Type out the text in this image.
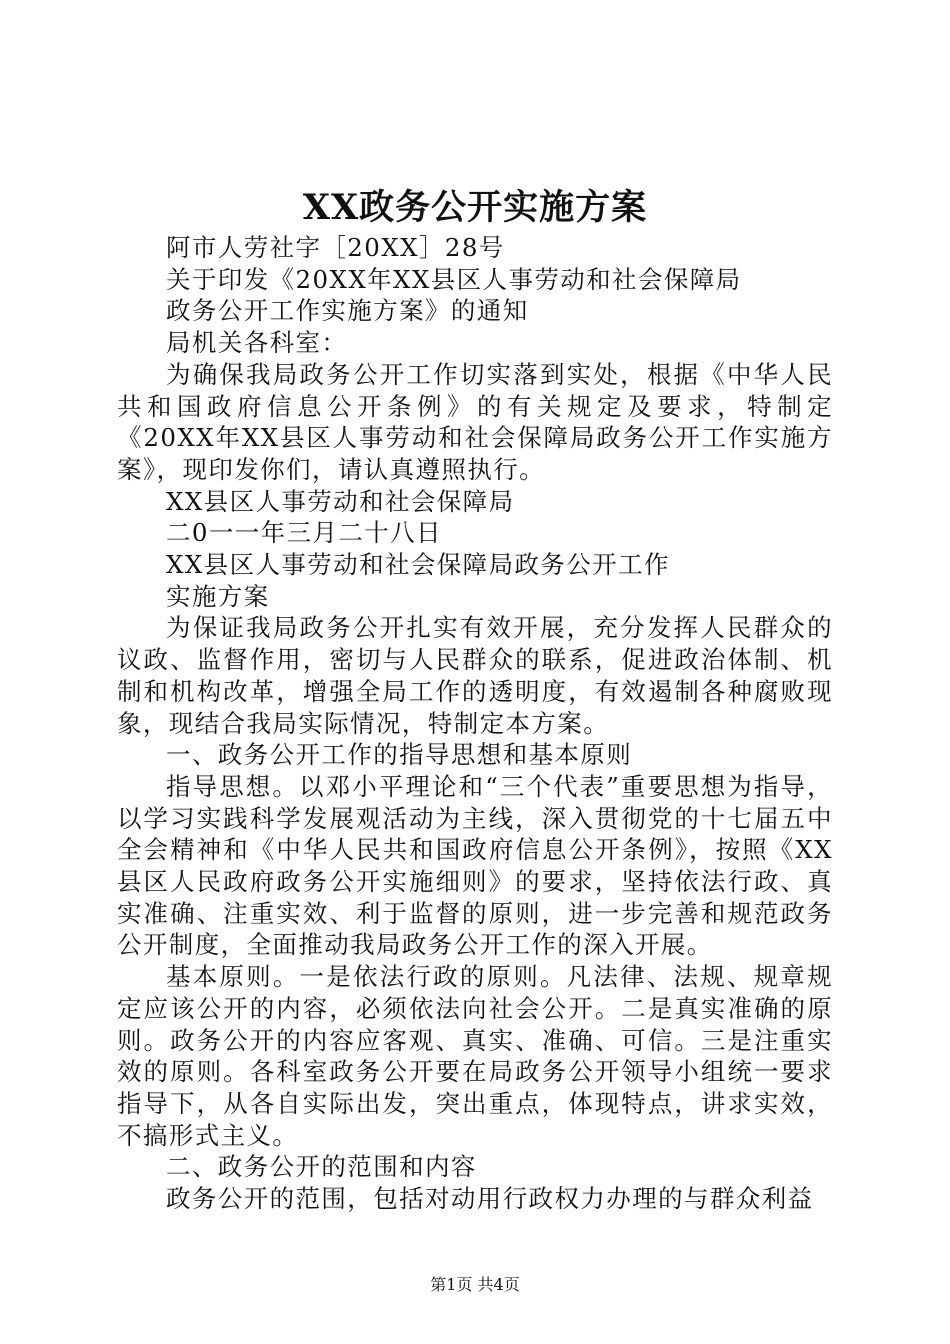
XX政务公开实施方案

阿市人劳社字［20XX］28号

关于印发《20XX年XX县区人事劳动和社会保障局

政务公开工作实施方案》的通知

局机关各科室：

为确保我局政务公开工作切实落到实处，根据《中华人民共和国政府信息公开条例》的有关规定及要求，特制定《20XX年XX县区人事劳动和社会保障局政务公开工作实施方案》，现印发你们，请认真遵照执行。

XX县区人事劳动和社会保障局

二0一一年三月二十八日

XX县区人事劳动和社会保障局政务公开工作

实施方案

为保证我局政务公开扎实有效开展，充分发挥人民群众的议政、监督作用，密切与人民群众的联系，促进政治体制、机制和机构改革，增强全局工作的透明度，有效遏制各种腐败现象，现结合我局实际情况，特制定本方案。

一、政务公开工作的指导思想和基本原则

指导思想。以邓小平理论和“三个代表”重要思想为指导，以学习实践科学发展观活动为主线，深入贯彻党的十七届五中全会精神和《中华人民共和国政府信息公开条例》，按照《XX县区人民政府政务公开实施细则》的要求，坚持依法行政、真实准确、注重实效、利于监督的原则，进一步完善和规范政务公开制度，全面推动我局政务公开工作的深入开展。

基本原则。一是依法行政的原则。凡法律、法规、规章规定应该公开的内容，必须依法向社会公开。二是真实准确的原则。政务公开的内容应客观、真实、准确、可信。三是注重实效的原则。各科室政务公开要在局政务公开领导小组统一要求指导下，从各自实际出发，突出重点，体现特点，讲求实效，不搞形式主义。

二、政务公开的范围和内容

政务公开的范围，包括对动用行政权力办理的与群众利益

第1页 共4页
